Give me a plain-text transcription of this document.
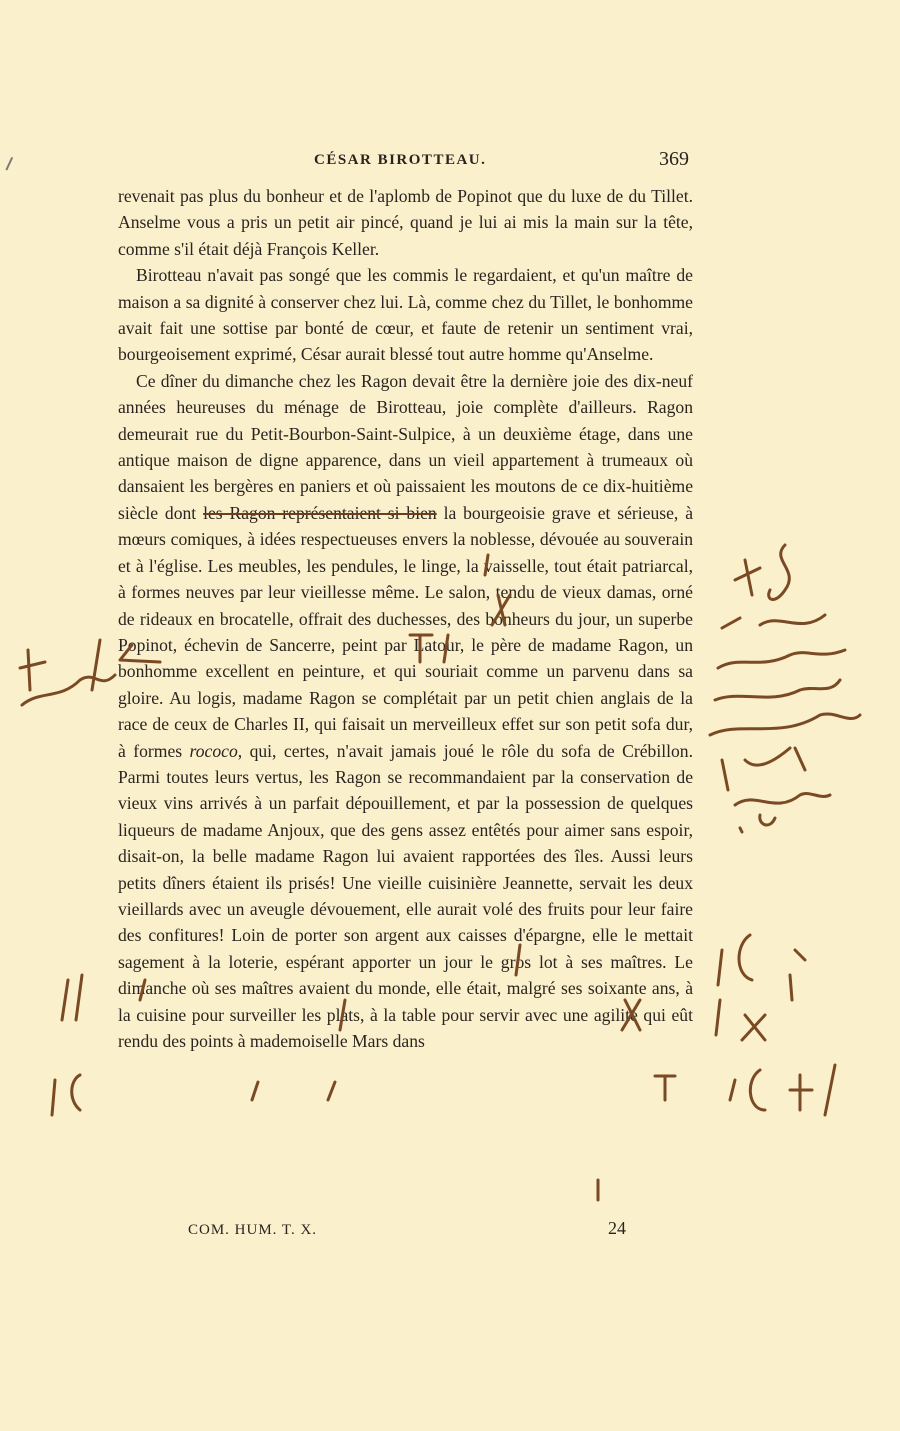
CÉSAR BIROTTEAU.	369

revenait pas plus du bonheur et de l'aplomb de Popinot que du luxe de du Tillet. Anselme vous a pris un petit air pincé, quand je lui ai mis la main sur la tête, comme s'il était déjà François Keller.

Birotteau n'avait pas songé que les commis le regardaient, et qu'un maître de maison a sa dignité à conserver chez lui. Là, comme chez du Tillet, le bonhomme avait fait une sottise par bonté de cœur, et faute de retenir un sentiment vrai, bourgeoisement exprimé, César aurait blessé tout autre homme qu'Anselme.

Ce dîner du dimanche chez les Ragon devait être la dernière joie des dix-neuf années heureuses du ménage de Birotteau, joie complète d'ailleurs. Ragon demeurait rue du Petit-Bourbon-Saint-Sulpice, à un deuxième étage, dans une antique maison de digne apparence, dans un vieil appartement à trumeaux où dansaient les bergères en paniers et où paissaient les moutons de ce dix-huitième siècle dont les Ragon représentaient si bien la bourgeoisie grave et sérieuse, à mœurs comiques, à idées respectueuses envers la noblesse, dévouée au souverain et à l'église. Les meubles, les pendules, le linge, la vaisselle, tout était patriarcal, à formes neuves par leur vieillesse même. Le salon, tendu de vieux damas, orné de rideaux en brocatelle, offrait des duchesses, des bonheurs du jour, un superbe Popinot, échevin de Sancerre, peint par Latour, le père de madame Ragon, un bonhomme excellent en peinture, et qui souriait comme un parvenu dans sa gloire. Au logis, madame Ragon se complétait par un petit chien anglais de la race de ceux de Charles II, qui faisait un merveilleux effet sur son petit sofa dur, à formes rococo, qui, certes, n'avait jamais joué le rôle du sofa de Crébillon. Parmi toutes leurs vertus, les Ragon se recommandaient par la conservation de vieux vins arrivés à un parfait dépouillement, et par la possession de quelques liqueurs de madame Anjoux, que des gens assez entêtés pour aimer sans espoir, disait-on, la belle madame Ragon lui avaient rapportées des îles. Aussi leurs petits dîners étaient ils prisés! Une vieille cuisinière Jeannette, servait les deux vieillards avec un aveugle dévouement, elle aurait volé des fruits pour leur faire des confitures! Loin de porter son argent aux caisses d'épargne, elle le mettait sagement à la loterie, espérant apporter un jour le gros lot à ses maîtres. Le dimanche où ses maîtres avaient du monde, elle était, malgré ses soixante ans, à la cuisine pour surveiller les plats, à la table pour servir avec une agilité qui eût rendu des points à mademoiselle Mars dans

COM. HUM. T. X.	24
